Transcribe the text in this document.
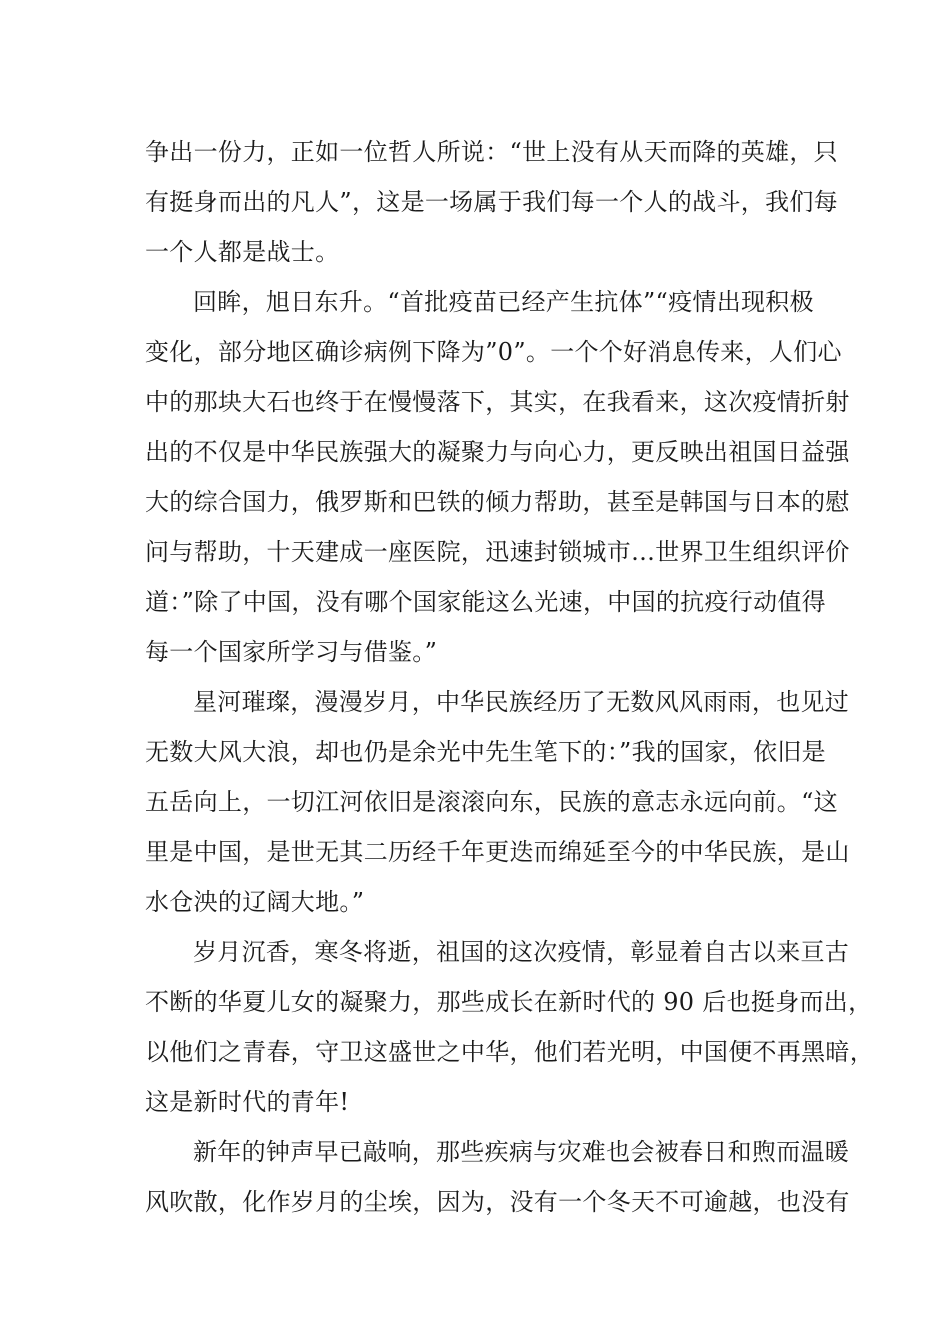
争出一份力，正如一位哲人所说：“世上没有从天而降的英雄，只
有挺身而出的凡人”，这是一场属于我们每一个人的战斗，我们每
一个人都是战士。
回眸，旭日东升。“首批疫苗已经产生抗体”“疫情出现积极
变化，部分地区确诊病例下降为”0”。一个个好消息传来，人们心
中的那块大石也终于在慢慢落下，其实，在我看来，这次疫情折射
出的不仅是中华民族强大的凝聚力与向心力，更反映出祖国日益强
大的综合国力，俄罗斯和巴铁的倾力帮助，甚至是韩国与日本的慰
问与帮助，十天建成一座医院，迅速封锁城市…世界卫生组织评价
道：”除了中国，没有哪个国家能这么光速，中国的抗疫行动值得
每一个国家所学习与借鉴。”
星河璀璨，漫漫岁月，中华民族经历了无数风风雨雨，也见过
无数大风大浪，却也仍是余光中先生笔下的：”我的国家，依旧是
五岳向上，一切江河依旧是滚滚向东，民族的意志永远向前。“这
里是中国，是世无其二历经千年更迭而绵延至今的中华民族，是山
水仓泱的辽阔大地。”
岁月沉香，寒冬将逝，祖国的这次疫情，彰显着自古以来亘古
不断的华夏儿女的凝聚力，那些成长在新时代的 90 后也挺身而出，
以他们之青春，守卫这盛世之中华，他们若光明，中国便不再黑暗，
这是新时代的青年!
新年的钟声早已敲响，那些疾病与灾难也会被春日和煦而温暖
风吹散，化作岁月的尘埃，因为，没有一个冬天不可逾越，也没有
